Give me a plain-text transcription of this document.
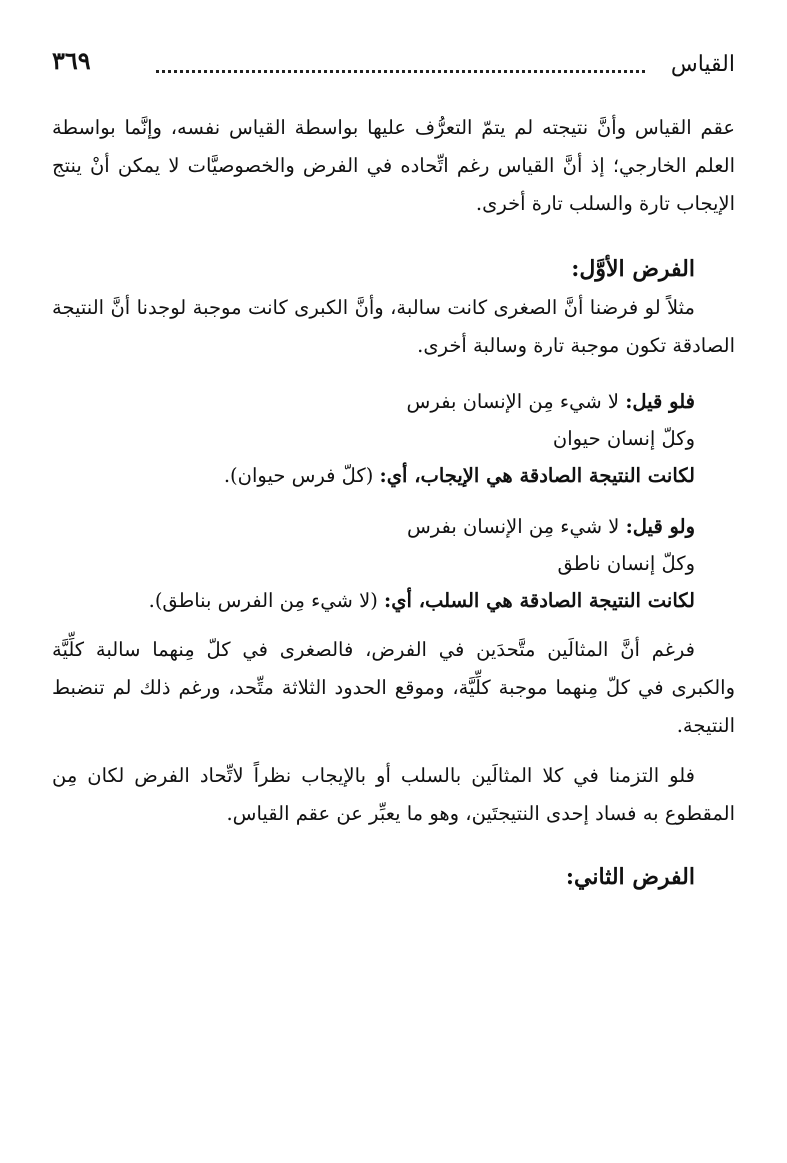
القياس
٣٦٩

عقم القياس وأنَّ نتيجته لم يتمّ التعرُّف عليها بواسطة القياس نفسه، وإنَّما بواسطة العلم الخارجي؛ إذ أنَّ القياس رغم اتِّحاده في الفرض والخصوصيَّات لا يمكن أنْ ينتج الإيجاب تارة والسلب تارة أخرى.

الفرض الأوَّل:

مثلاً لو فرضنا أنَّ الصغرى كانت سالبة، وأنَّ الكبرى كانت موجبة لوجدنا أنَّ النتيجة الصادقة تكون موجبة تارة وسالبة أخرى.

فلو قيل: لا شيء مِن الإنسان بفرس

وكلّ إنسان حيوان

لكانت النتيجة الصادقة هي الإيجاب، أي: (كلّ فرس حيوان).

ولو قيل: لا شيء مِن الإنسان بفرس

وكلّ إنسان ناطق

لكانت النتيجة الصادقة هي السلب، أي: (لا شيء مِن الفرس بناطق).

فرغم أنَّ المثالَين متَّحدَين في الفرض، فالصغرى في كلّ مِنهما سالبة كلِّيَّة والكبرى في كلّ مِنهما موجبة كلِّيَّة، وموقع الحدود الثلاثة متِّحد، ورغم ذلك لم تنضبط النتيجة.

فلو التزمنا في كلا المثالَين بالسلب أو بالإيجاب نظراً لاتِّحاد الفرض لكان مِن المقطوع به فساد إحدى النتيجتَين، وهو ما يعبِّر عن عقم القياس.

الفرض الثاني:
